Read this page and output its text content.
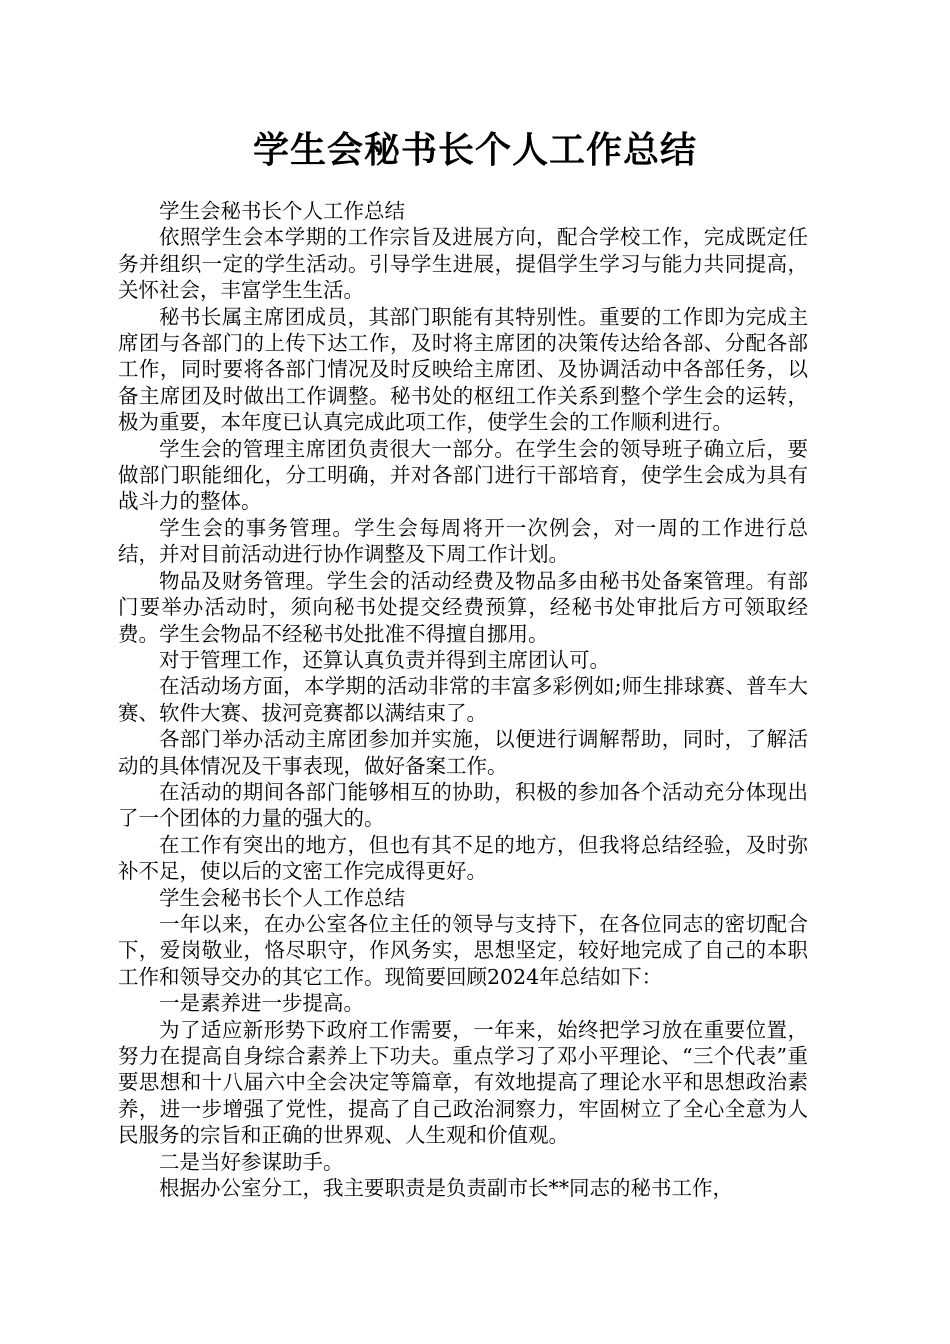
学生会秘书长个人工作总结

学生会秘书长个人工作总结

依照学生会本学期的工作宗旨及进展方向，配合学校工作，完成既定任务并组织一定的学生活动。引导学生进展，提倡学生学习与能力共同提高，关怀社会，丰富学生生活。

秘书长属主席团成员，其部门职能有其特别性。重要的工作即为完成主席团与各部门的上传下达工作，及时将主席团的决策传达给各部、分配各部工作，同时要将各部门情况及时反映给主席团、及协调活动中各部任务，以备主席团及时做出工作调整。秘书处的枢纽工作关系到整个学生会的运转，极为重要，本年度已认真完成此项工作，使学生会的工作顺利进行。

学生会的管理主席团负责很大一部分。在学生会的领导班子确立后，要做部门职能细化，分工明确，并对各部门进行干部培育，使学生会成为具有战斗力的整体。

学生会的事务管理。学生会每周将开一次例会，对一周的工作进行总结，并对目前活动进行协作调整及下周工作计划。

物品及财务管理。学生会的活动经费及物品多由秘书处备案管理。有部门要举办活动时，须向秘书处提交经费预算，经秘书处审批后方可领取经费。学生会物品不经秘书处批准不得擅自挪用。

对于管理工作，还算认真负责并得到主席团认可。

在活动场方面，本学期的活动非常的丰富多彩例如;师生排球赛、普车大赛、软件大赛、拔河竞赛都以满结束了。

各部门举办活动主席团参加并实施，以便进行调解帮助，同时，了解活动的具体情况及干事表现，做好备案工作。

在活动的期间各部门能够相互的协助，积极的参加各个活动充分体现出了一个团体的力量的强大的。

在工作有突出的地方，但也有其不足的地方，但我将总结经验，及时弥补不足，使以后的文密工作完成得更好。

学生会秘书长个人工作总结

一年以来，在办公室各位主任的领导与支持下，在各位同志的密切配合下，爱岗敬业，恪尽职守，作风务实，思想坚定，较好地完成了自己的本职工作和领导交办的其它工作。现简要回顾2024年总结如下：

一是素养进一步提高。

为了适应新形势下政府工作需要，一年来，始终把学习放在重要位置，努力在提高自身综合素养上下功夫。重点学习了邓小平理论、“三个代表”重要思想和十八届六中全会决定等篇章，有效地提高了理论水平和思想政治素养，进一步增强了党性，提高了自己政治洞察力，牢固树立了全心全意为人民服务的宗旨和正确的世界观、人生观和价值观。

二是当好参谋助手。

根据办公室分工，我主要职责是负责副市长**同志的秘书工作，
